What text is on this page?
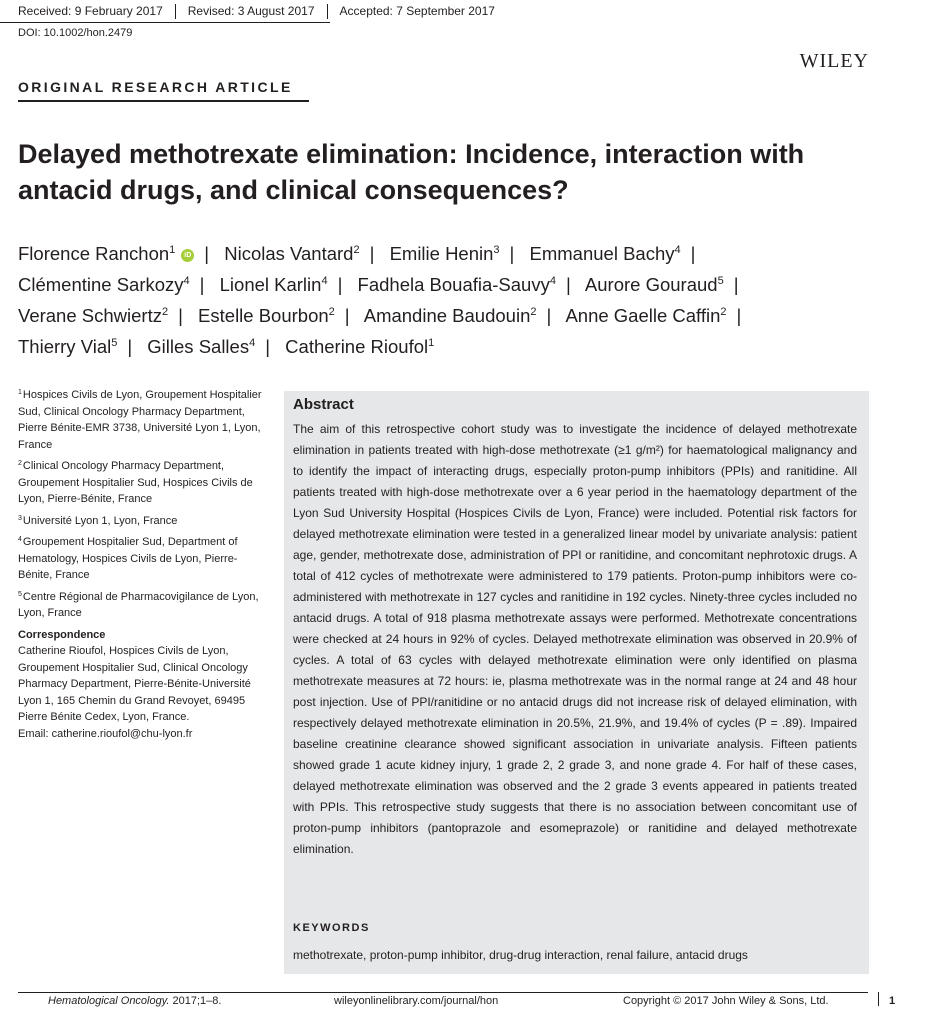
Received: 9 February 2017	Revised: 3 August 2017	Accepted: 7 September 2017
DOI: 10.1002/hon.2479
WILEY
ORIGINAL RESEARCH ARTICLE
Delayed methotrexate elimination: Incidence, interaction with antacid drugs, and clinical consequences?
Florence Ranchon$^1$ iD | Nicolas Vantard$^2$ | Emilie Henin$^3$ | Emmanuel Bachy$^4$ |
Clémentine Sarkozy$^4$ | Lionel Karlin$^4$ | Fadhela Bouafia-Sauvy$^4$ | Aurore Gouraud$^5$ |
Verane Schwiertz$^2$ | Estelle Bourbon$^2$ | Amandine Baudouin$^2$ | Anne Gaelle Caffin$^2$ |
Thierry Vial$^5$ | Gilles Salles$^4$ | Catherine Rioufol$^1$
$^1$Hospices Civils de Lyon, Groupement Hospitalier Sud, Clinical Oncology Pharmacy Department, Pierre Bénite-EMR 3738, Université Lyon 1, Lyon, France
$^2$Clinical Oncology Pharmacy Department, Groupement Hospitalier Sud, Hospices Civils de Lyon, Pierre-Bénite, France
$^3$Université Lyon 1, Lyon, France
$^4$Groupement Hospitalier Sud, Department of Hematology, Hospices Civils de Lyon, Pierre-Bénite, France
$^5$Centre Régional de Pharmacovigilance de Lyon, Lyon, France
Correspondence
Catherine Rioufol, Hospices Civils de Lyon, Groupement Hospitalier Sud, Clinical Oncology Pharmacy Department, Pierre-Bénite-Université Lyon 1, 165 Chemin du Grand Revoyet, 69495 Pierre Bénite Cedex, Lyon, France.
Email: catherine.rioufol@chu-lyon.fr
Abstract
The aim of this retrospective cohort study was to investigate the incidence of delayed methotrexate elimination in patients treated with high-dose methotrexate (≥1 g/m²) for haematological malignancy and to identify the impact of interacting drugs, especially proton-pump inhibitors (PPIs) and ranitidine. All patients treated with high-dose methotrexate over a 6 year period in the haematology department of the Lyon Sud University Hospital (Hospices Civils de Lyon, France) were included. Potential risk factors for delayed methotrexate elimination were tested in a generalized linear model by univariate analysis: patient age, gender, methotrexate dose, administration of PPI or ranitidine, and concomitant nephrotoxic drugs. A total of 412 cycles of methotrexate were administered to 179 patients. Proton-pump inhibitors were co-administered with methotrexate in 127 cycles and ranitidine in 192 cycles. Ninety-three cycles included no antacid drugs. A total of 918 plasma methotrexate assays were performed. Methotrexate concentrations were checked at 24 hours in 92% of cycles. Delayed methotrexate elimination was observed in 20.9% of cycles. A total of 63 cycles with delayed methotrexate elimination were only identified on plasma methotrexate measures at 72 hours: ie, plasma methotrexate was in the normal range at 24 and 48 hour post injection. Use of PPI/ranitidine or no antacid drugs did not increase risk of delayed elimination, with respectively delayed methotrexate elimination in 20.5%, 21.9%, and 19.4% of cycles (P = .89). Impaired baseline creatinine clearance showed significant association in univariate analysis. Fifteen patients showed grade 1 acute kidney injury, 1 grade 2, 2 grade 3, and none grade 4. For half of these cases, delayed methotrexate elimination was observed and the 2 grade 3 events appeared in patients treated with PPIs. This retrospective study suggests that there is no association between concomitant use of proton-pump inhibitors (pantoprazole and esomeprazole) or ranitidine and delayed methotrexate elimination.
KEYWORDS
methotrexate, proton-pump inhibitor, drug-drug interaction, renal failure, antacid drugs
Hematological Oncology. 2017;1–8.	wileyonlinelibrary.com/journal/hon	Copyright © 2017 John Wiley & Sons, Ltd.	1
